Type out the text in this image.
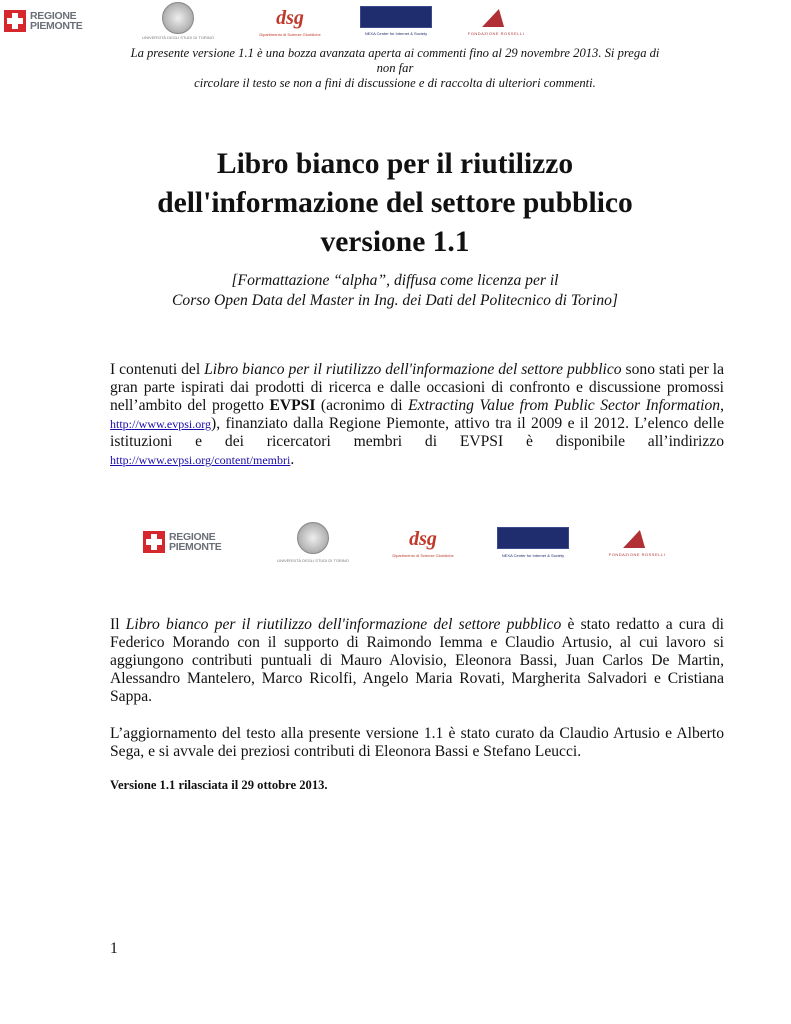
REGIONE
PIEMONTE
UNIVERSITÀ DEGLI STUDI DI TORINO
dsg
Dipartimento di Scienze Giuridiche	NEXA Center for Internet & Society	FONDAZIONE ROSSELLI
La presente versione 1.1 è una bozza avanzata aperta ai commenti fino al 29 novembre 2013. Si prega di non far
circolare il testo se non a fini di discussione e di raccolta di ulteriori commenti.
Libro bianco per il riutilizzo
dell'informazione del settore pubblico
versione 1.1
[Formattazione “alpha”, diffusa come licenza per il
Corso Open Data del Master in Ing. dei Dati del Politecnico di Torino]
I contenuti del Libro bianco per il riutilizzo dell'informazione del settore pubblico sono stati per la
gran parte ispirati dai prodotti di ricerca e dalle occasioni di confronto e discussione promossi
nell’ambito del progetto EVPSI (acronimo di Extracting Value from Public Sector Information,
http://www.evpsi.org), finanziato dalla Regione Piemonte, attivo tra il 2009 e il 2012. L’elenco delle
istituzioni e dei ricercatori membri di EVPSI è disponibile all’indirizzo
http://www.evpsi.org/content/membri.
REGIONE
PIEMONTE
UNIVERSITÀ DEGLI STUDI DI TORINO
dsg
Dipartimento di Scienze Giuridiche	NEXA Center for Internet & Society	FONDAZIONE ROSSELLI
Il Libro bianco per il riutilizzo dell'informazione del settore pubblico è stato redatto a cura di
Federico Morando con il supporto di Raimondo Iemma e Claudio Artusio, al cui lavoro si
aggiungono contributi puntuali di Mauro Alovisio, Eleonora Bassi, Juan Carlos De Martin,
Alessandro Mantelero, Marco Ricolfi, Angelo Maria Rovati, Margherita Salvadori e Cristiana
Sappa.
L’aggiornamento del testo alla presente versione 1.1 è stato curato da Claudio Artusio e Alberto
Sega, e si avvale dei preziosi contributi di Eleonora Bassi e Stefano Leucci.
Versione 1.1 rilasciata il 29 ottobre 2013.
1
